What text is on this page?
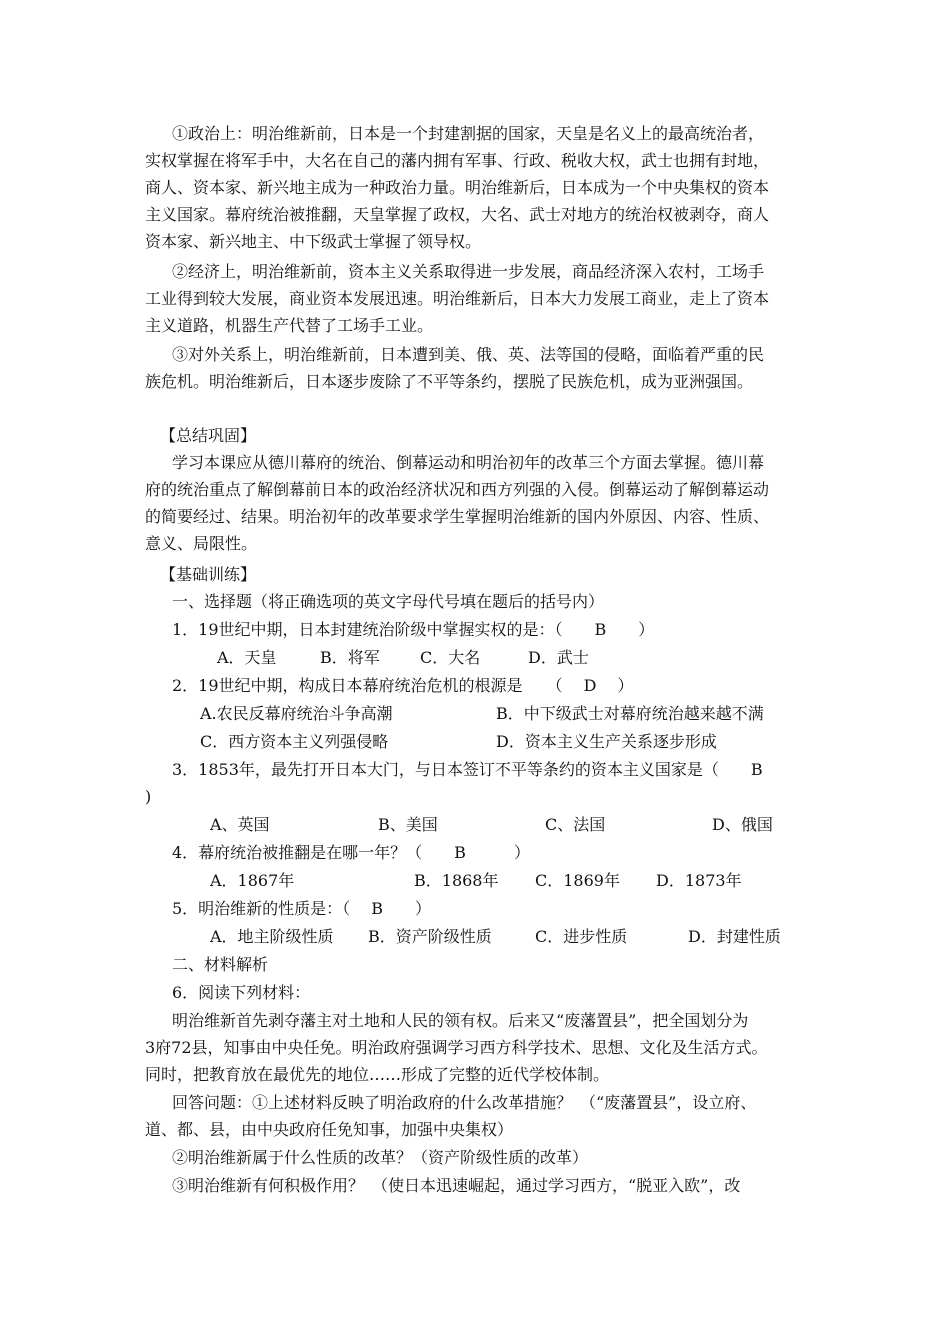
①政治上：明治维新前，日本是一个封建割据的国家，天皇是名义上的最高统治者，
实权掌握在将军手中，大名在自己的藩内拥有军事、行政、税收大权，武士也拥有封地，
商人、资本家、新兴地主成为一种政治力量。明治维新后，日本成为一个中央集权的资本
主义国家。幕府统治被推翻，天皇掌握了政权，大名、武士对地方的统治权被剥夺，商人
资本家、新兴地主、中下级武士掌握了领导权。
②经济上，明治维新前，资本主义关系取得进一步发展，商品经济深入农村，工场手
工业得到较大发展，商业资本发展迅速。明治维新后，日本大力发展工商业，走上了资本
主义道路，机器生产代替了工场手工业。
③对外关系上，明治维新前，日本遭到美、俄、英、法等国的侵略，面临着严重的民
族危机。明治维新后，日本逐步废除了不平等条约，摆脱了民族危机，成为亚洲强国。
【总结巩固】
学习本课应从德川幕府的统治、倒幕运动和明治初年的改革三个方面去掌握。德川幕
府的统治重点了解倒幕前日本的政治经济状况和西方列强的入侵。倒幕运动了解倒幕运动
的简要经过、结果。明治初年的改革要求学生掌握明治维新的国内外原因、内容、性质、
意义、局限性。
【基础训练】
一、选择题（将正确选项的英文字母代号填在题后的括号内）
1．19世纪中期，日本封建统治阶级中掌握实权的是：（　　B　　）
A．天皇	B．将军	C．大名	D．武士
2．19世纪中期，构成日本幕府统治危机的根源是　　（　 D　 ）
A.农民反幕府统治斗争高潮	B．中下级武士对幕府统治越来越不满
C．西方资本主义列强侵略	D．资本主义生产关系逐步形成
3．1853年，最先打开日本大门，与日本签订不平等条约的资本主义国家是（　　B
)
A、英国	B、美国	C、法国	D、俄国
4．幕府统治被推翻是在哪一年？（　　B　　　）
A．1867年	B．1868年 C．1869年 D．1873年
5．明治维新的性质是：（　 B　　）
A．地主阶级性质 B．资产阶级性质	C．进步性质	D．封建性质
二、材料解析
6．阅读下列材料：
明治维新首先剥夺藩主对土地和人民的领有权。后来又“废藩置县”，把全国划分为
3府72县，知事由中央任免。明治政府强调学习西方科学技术、思想、文化及生活方式。
同时，把教育放在最优先的地位……形成了完整的近代学校体制。
回答问题：①上述材料反映了明治政府的什么改革措施？　（“废藩置县”，设立府、
道、都、县，由中央政府任免知事，加强中央集权）
②明治维新属于什么性质的改革？（资产阶级性质的改革）
③明治维新有何积极作用？　（使日本迅速崛起，通过学习西方，“脱亚入欧”，改
